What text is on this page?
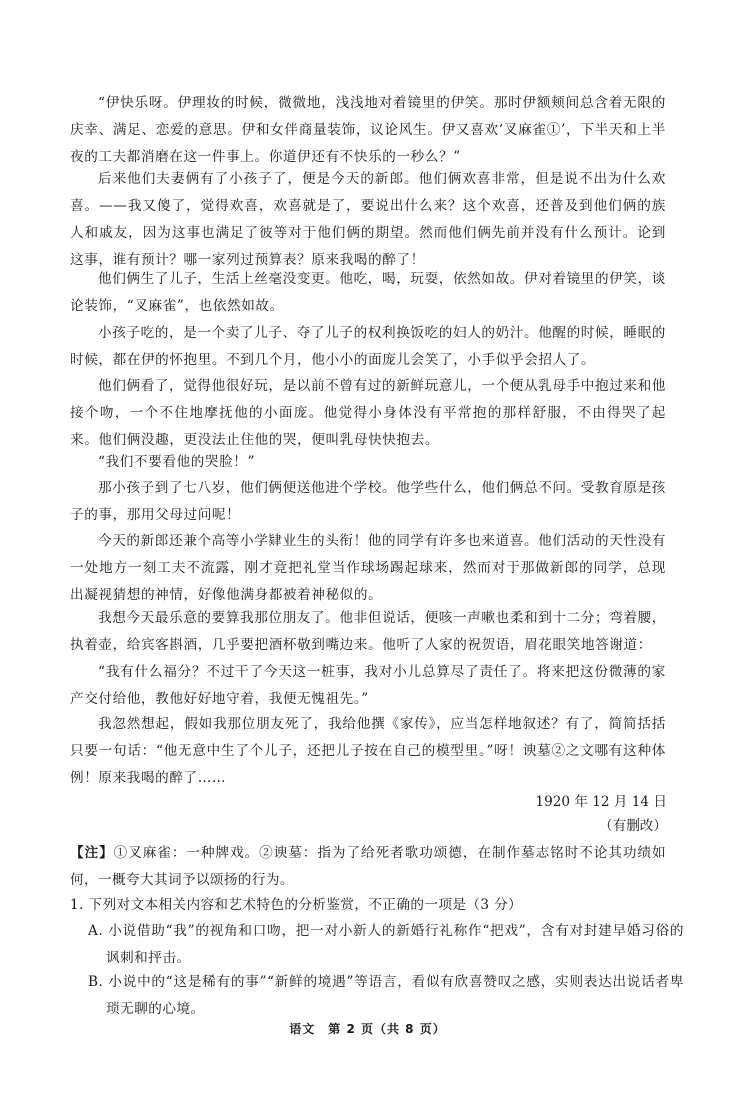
“伊快乐呀。伊理妆的时候，微微地，浅浅地对着镜里的伊笑。那时伊额颊间总含着无限的庆幸、满足、恋爱的意思。伊和女伴商量装饰，议论风生。伊又喜欢‘叉麻雀①’，下半天和上半夜的工夫都消磨在这一件事上。你道伊还有不快乐的一秒么？”
后来他们夫妻俩有了小孩子了，便是今天的新郎。他们俩欢喜非常，但是说不出为什么欢喜。——我又傻了，觉得欢喜，欢喜就是了，要说出什么来？这个欢喜，还普及到他们俩的族人和戚友，因为这事也满足了彼等对于他们俩的期望。然而他们俩先前并没有什么预计。论到这事，谁有预计？哪一家列过预算表？原来我喝的醉了！
他们俩生了儿子，生活上丝毫没变更。他吃，喝，玩耍，依然如故。伊对着镜里的伊笑，谈论装饰，“叉麻雀”，也依然如故。
小孩子吃的，是一个卖了儿子、夺了儿子的权利换饭吃的妇人的奶汁。他醒的时候，睡眠的时候，都在伊的怀抱里。不到几个月，他小小的面庞儿会笑了，小手似乎会招人了。
他们俩看了，觉得他很好玩，是以前不曾有过的新鲜玩意儿，一个便从乳母手中抱过来和他接个吻，一个不住地摩抚他的小面庞。他觉得小身体没有平常抱的那样舒服，不由得哭了起来。他们俩没趣，更没法止住他的哭，便叫乳母快快抱去。
“我们不要看他的哭脸！”
那小孩子到了七八岁，他们俩便送他进个学校。他学些什么，他们俩总不问。受教育原是孩子的事，那用父母过问呢！
今天的新郎还兼个高等小学肄业生的头衔！他的同学有许多也来道喜。他们活动的天性没有一处地方一刻工夫不流露，刚才竟把礼堂当作球场踢起球来，然而对于那做新郎的同学，总现出凝视猜想的神情，好像他满身都被着神秘似的。
我想今天最乐意的要算我那位朋友了。他非但说话，便咳一声嗽也柔和到十二分；弯着腰，执着壶，给宾客斟酒，几乎要把酒杯敬到嘴边来。他听了人家的祝贺语，眉花眼笑地答谢道：
“我有什么福分？不过干了今天这一桩事，我对小儿总算尽了责任了。将来把这份微薄的家产交付给他，教他好好地守着，我便无愧祖先。”
我忽然想起，假如我那位朋友死了，我给他撰《家传》，应当怎样地叙述？有了，简简括括只要一句话：“他无意中生了个儿子，还把儿子按在自己的模型里。”呀！谀墓②之文哪有这种体例！原来我喝的醉了……
1920 年 12 月 14 日
（有删改）
【注】①叉麻雀：一种牌戏。②谀墓：指为了给死者歌功颂德，在制作墓志铭时不论其功绩如何，一概夸大其词予以颂扬的行为。
1. 下列对文本相关内容和艺术特色的分析鉴赏，不正确的一项是（3 分）
A. 小说借助“我”的视角和口吻，把一对小新人的新婚行礼称作“把戏”，含有对封建早婚习俗的讽刺和抨击。
B. 小说中的“这是稀有的事”“新鲜的境遇”等语言，看似有欣喜赞叹之感，实则表达出说话者卑琐无聊的心境。
语文　第 2 页（共 8 页）
